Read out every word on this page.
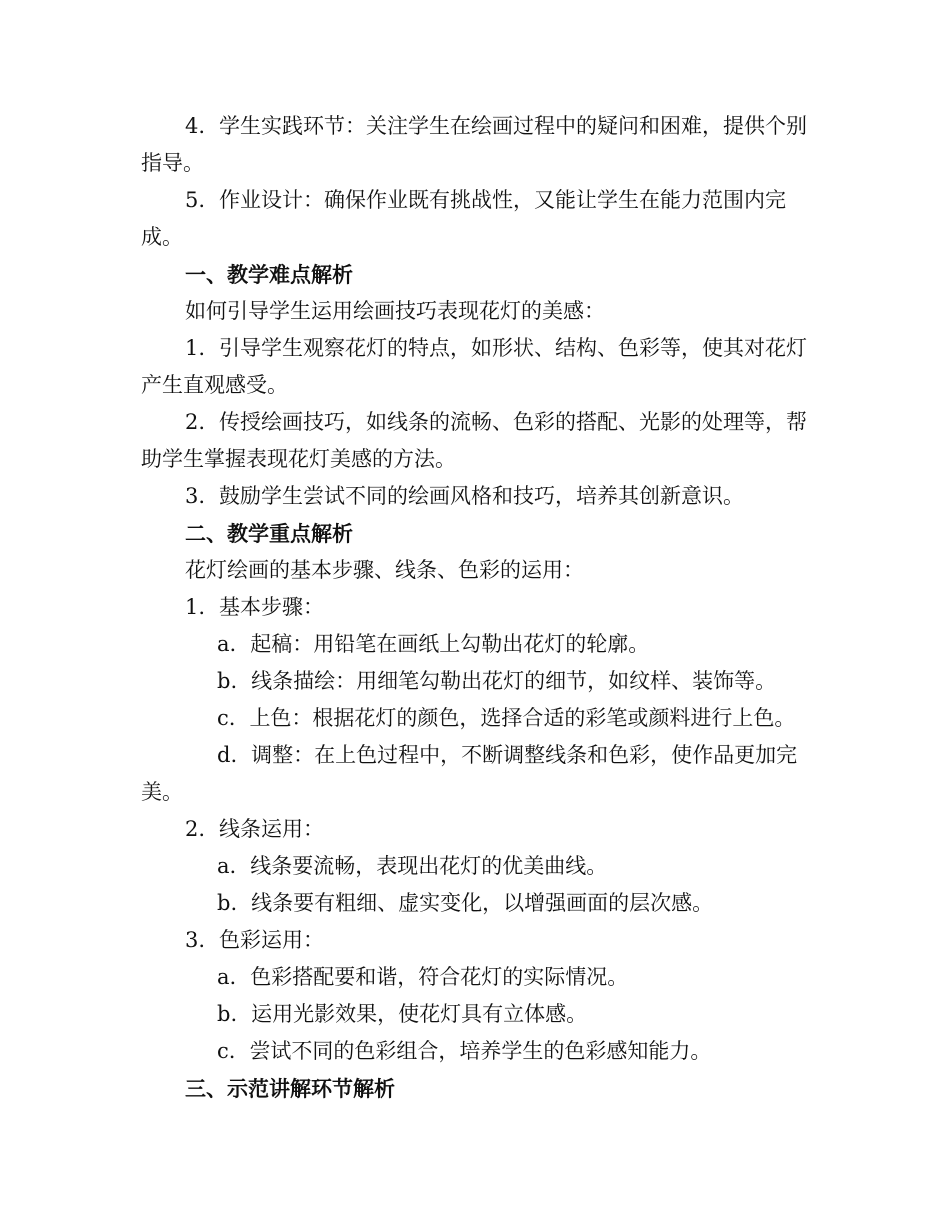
4. 学生实践环节：关注学生在绘画过程中的疑问和困难，提供个别指导。

5. 作业设计：确保作业既有挑战性，又能让学生在能力范围内完成。

一、教学难点解析

如何引导学生运用绘画技巧表现花灯的美感：

1. 引导学生观察花灯的特点，如形状、结构、色彩等，使其对花灯产生直观感受。

2. 传授绘画技巧，如线条的流畅、色彩的搭配、光影的处理等，帮助学生掌握表现花灯美感的方法。

3. 鼓励学生尝试不同的绘画风格和技巧，培养其创新意识。

二、教学重点解析

花灯绘画的基本步骤、线条、色彩的运用：

1. 基本步骤：

a. 起稿：用铅笔在画纸上勾勒出花灯的轮廓。

b. 线条描绘：用细笔勾勒出花灯的细节，如纹样、装饰等。

c. 上色：根据花灯的颜色，选择合适的彩笔或颜料进行上色。

d. 调整：在上色过程中，不断调整线条和色彩，使作品更加完美。

2. 线条运用：

a. 线条要流畅，表现出花灯的优美曲线。

b. 线条要有粗细、虚实变化，以增强画面的层次感。

3. 色彩运用：

a. 色彩搭配要和谐，符合花灯的实际情况。

b. 运用光影效果，使花灯具有立体感。

c. 尝试不同的色彩组合，培养学生的色彩感知能力。

三、示范讲解环节解析
